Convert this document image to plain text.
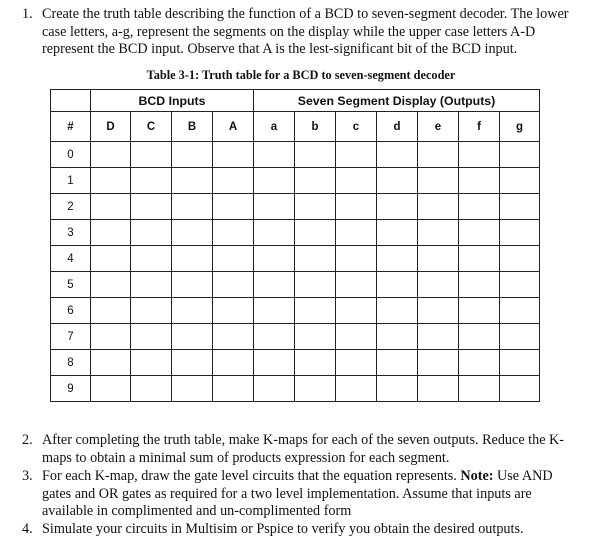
1. Create the truth table describing the function of a BCD to seven-segment decoder. The lower case letters, a-g, represent the segments on the display while the upper case letters A-D represent the BCD input. Observe that A is the lest-significant bit of the BCD input.
Table 3-1: Truth table for a BCD to seven-segment decoder
	BCD Inputs				Seven Segment Display (Outputs)						
#	D	C	B	A	a	b	c	d	e	f	g
0											
1											
2											
3											
4											
5											
6											
7											
8											
9											
2. After completing the truth table, make K-maps for each of the seven outputs. Reduce the K-maps to obtain a minimal sum of products expression for each segment.
3. For each K-map, draw the gate level circuits that the equation represents. Note: Use AND gates and OR gates as required for a two level implementation. Assume that inputs are available in complimented and un-complimented form
4. Simulate your circuits in Multisim or Pspice to verify you obtain the desired outputs.
